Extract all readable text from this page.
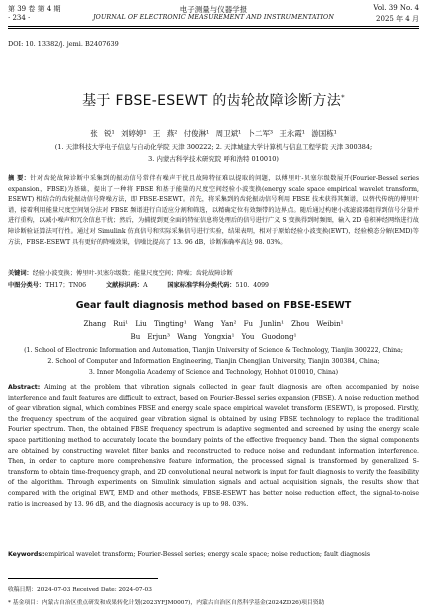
第 39 卷 第 4 期
· 234 ·
电子测量与仪器学报
JOURNAL OF ELECTRONIC MEASUREMENT AND INSTRUMENTATION
Vol. 39 No. 4
2025 年 4 月
DOI: 10. 13382/j. jemi. B2407639
基于 FBSE-ESEWT 的齿轮故障诊断方法*
张 锐¹ 刘婷婷¹ 王 燕² 付俊淋¹ 周卫斌¹ 卜二军³ 王永霞¹ 游国栋¹
(1. 天津科技大学电子信息与自动化学院 天津 300222; 2. 天津城建大学计算机与信息工程学院 天津 300384;
3. 内蒙古科学技术研究院 呼和浩特 010010)
摘 要：针对齿轮故障诊断中采集到的振动信号常伴有噪声干扰且故障特征难以提取的问题，以傅里叶-贝塞尔级数展开(Fourier-Bessel series expansion，FBSE)为基础，提出了一种将 FBSE 和基于能量的尺度空间经验小波变换(energy scale space empirical wavelet transform, ESEWT) 相结合的齿轮振动信号降噪方法，即 FBSE-ESEWT。首先，将采集到的齿轮振动信号利用 FBSE 技术获得其频谱，以替代传统的傅里叶谱，接着利用能量尺度空间划分法对 FBSE 频谱进行自适应分割和筛选，以精确定位有效频带的边界点。随后通过构建小波滤波器组得到信号分量并进行重构，以减小噪声和冗余信息干扰；然后，为捕捉到更全面的特征信息将处理后的信号进行广义 S 变换得到时频图，输入 2D 卷积神经网络进行故障诊断验证算法可行性。通过对 Simulink 仿真信号和实际采集信号进行实验，结果表明，相对于原始经验小波变换(EWT)，经验模态分解(EMD)等方法，FBSE-ESEWT 具有更好的降噪效果，信噪比提高了 13. 96 dB，诊断准确率高达 98. 03%。
关键词：经验小波变换；傅里叶-贝塞尔级数；能量尺度空间；降噪；齿轮故障诊断
中图分类号：TH17；TN06	文献标识码：A	国家标准学科分类代码：510. 4099
Gear fault diagnosis method based on FBSE-ESEWT
Zhang Rui¹ Liu Tingting¹ Wang Yan² Fu Junlin¹ Zhou Weibin¹
Bu Erjun³ Wang Yongxia¹ You Guodong¹
(1. School of Electronic Information and Automation, Tianjin University of Science & Technology, Tianjin 300222, China;
2. School of Computer and Information Engineering, Tianjin Chengjian University, Tianjin 300384, China;
3. Inner Mongolia Academy of Science and Technology, Hohhot 010010, China)
Abstract: Aiming at the problem that vibration signals collected in gear fault diagnosis are often accompanied by noise interference and fault features are difficult to extract, based on Fourier-Bessel series expansion (FBSE). A noise reduction method of gear vibration signal, which combines FBSE and energy scale space empirical wavelet transform (ESEWT), is proposed. Firstly, the frequency spectrum of the acquired gear vibration signal is obtained by using FBSE technology to replace the traditional Fourier spectrum. Then, the obtained FBSE frequency spectrum is adaptive segmented and screened by using the energy scale space partitioning method to accurately locate the boundary points of the effective frequency band. Then the signal components are obtained by constructing wavelet filter banks and reconstructed to reduce noise and redundant information interference. Then, in order to capture more comprehensive feature information, the processed signal is transformed by generalized S-transform to obtain time-frequency graph, and 2D convolutional neural network is input for fault diagnosis to verify the feasibility of the algorithm. Through experiments on Simulink simulation signals and actual acquisition signals, the results show that compared with the original EWT, EMD and other methods, FBSE-ESEWT has better noise reduction effect, the signal-to-noise ratio is increased by 13. 96 dB, and the diagnosis accuracy is up to 98. 03%.
Keywords:empirical wavelet transform; Fourier-Bessel series; energy scale space; noise reduction; fault diagnosis
收稿日期：2024-07-03 Received Date: 2024-07-03
* 基金项目：内蒙古自治区重点研发和成果转化计划(2023YFJM0007)，内蒙古自治区自然科学基金(2024ZD26)项目资助
